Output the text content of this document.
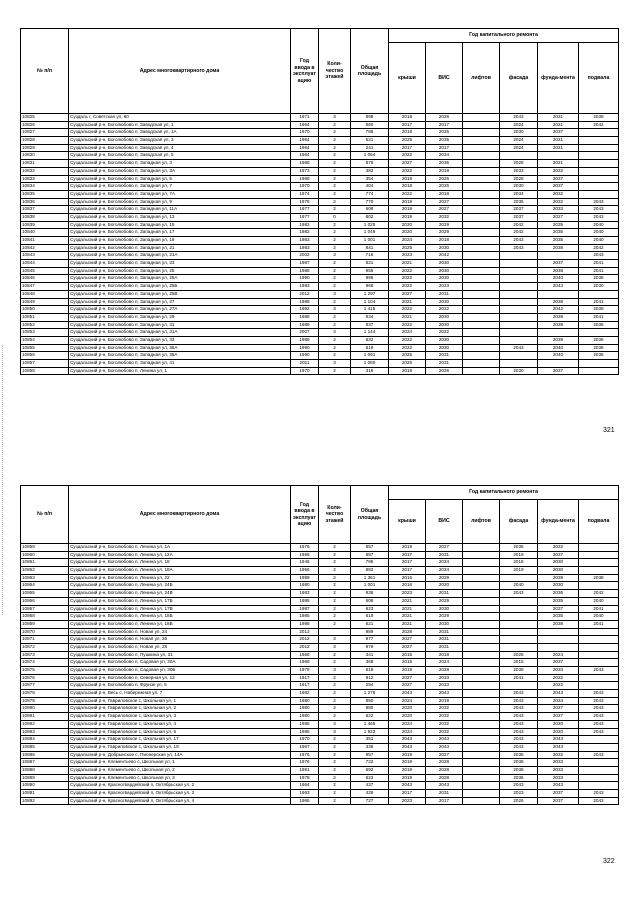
№ п/п	Адрес многоквартирного дома	Год ввода в эксплуат ацию	Коли-чество этажей	Общая площадь	Год капитального ремонта					
					крыши	ВИС	лифтов	фасада	фунда-мента	подвала
10825	Суздаль г, Советская ул, 60	1971	3	898	2018	2026		2043	2031	2039
10826	Суздальский р-н, Боголюбово п, Заводская ул, 1	1964	2	660	2017	2017		2024	2021	2042
10827	Суздальский р-н, Боголюбово п, Заводская ул, 1А	1970	2	788	2018	2025		2030	2037	
10828	Суздальский р-н, Боголюбово п, Заводская ул, 3	1964	2	521	2025	2035		2024	2021	
10829	Суздальский р-н, Боголюбово п, Заводская ул, 4	1964	2	241	2017	2017		2024	2021	
10830	Суздальский р-н, Боголюбово п, Заводская ул, 5	1964	2	1 064	2022	2034				
10831	Суздальский р-н, Боголюбово п, Западная ул, 3	1968	2	876	2027	2035		2028	2021	
10832	Суздальский р-н, Боголюбово п, Западная ул, 3А	1973	2	382	2022	2018		2033	2032	
10833	Суздальский р-н, Боголюбово п, Западная ул, 5	1968	2	354	2018	2025		2028	2037	
10834	Суздальский р-н, Боголюбово п, Западная ул, 7	1970	2	404	2018	2025		2030	2037	
10835	Суздальский р-н, Боголюбово п, Западная ул, 7А	1974	2	774	2022	2018		2034	2032	
10836	Суздальский р-н, Боголюбово п, Западная ул, 9	1975	2	770	2019	2027		2035	2032	2043
10837	Суздальский р-н, Боголюбово п, Западная ул, 11А	1977	2	609	2019	2027		2037	2033	2043
10838	Суздальский р-н, Боголюбово п, Западная ул, 13	1977	0	802	2019	2032		2037	2027	2043
10839	Суздальский р-н, Боголюбово п, Западная ул, 15	1982	2	1 025	2020	2029		2042	2035	2040
10840	Суздальский р-н, Боголюбово п, Западная ул, 17	1982	2	1 049	2020	2029		2042	2035	2040
10841	Суздальский р-н, Боголюбово п, Западная ул, 19	1983	2	1 001	2024	2018		2043	2035	2040
10842	Суздальский р-н, Боголюбово п, Западная ул, 21	1983	2	841	2025	2030		2043	2038	2042
10843	Суздальский р-н, Боголюбово п, Западная ул, 21А	2002	3	716	2023	2042				2043
10844	Суздальский р-н, Боголюбово п, Западная ул, 23	1987	2	821	2021	2030			2037	2041
10845	Суздальский р-н, Боголюбово п, Западная ул, 25	1988	2	955	2022	2030			2038	2041
10846	Суздальский р-н, Боголюбово п, Западная ул, 25А	1990	2	995	2022	2030			2040	2036
10847	Суздальский р-н, Боголюбово п, Западная ул, 25Б	1993	2	966	2022	2023			2043	2030
10848	Суздальский р-н, Боголюбово п, Западная ул, 25В	2012	3	1 297	2027	2031				
10849	Суздальский р-н, Боголюбово п, Западная ул, 27	1988	2	1 104	2021	2030			2038	2041
10850	Суздальский р-н, Боголюбово п, Западная ул, 27А	1992	3	1 415	2022	2022			2042	2039
10851	Суздальский р-н, Боголюбово п, Западная ул, 29	1988	2	934	2021	2030			2038	2041
10852	Суздальский р-н, Боголюбово п, Западная ул, 31	1989	2	837	2022	2030			2039	2036
10853	Суздальский р-н, Боголюбово п, Западная ул, 31А	2007	3	1 144	2024	2022				
10854	Суздальский р-н, Боголюбово п, Западная ул, 33	1989	2	632	2022	2030			2039	2036
10855	Суздальский р-н, Боголюбово п, Западная ул, 35А	1990	2	618	2022	2030		2043	2040	2036
10856	Суздальский р-н, Боголюбово п, Западная ул, 35А	1990	2	1 091	2025	2031			2040	2036
10857	Суздальский р-н, Боголюбово п, Западная ул, 41	2011	3	1 080	2026	2031				
10858	Суздальский р-н, Боголюбово п, Ленина ул, 1	1970	2	318	2018	2026		2030	2037	
321
№ п/п	Адрес многоквартирного дома	Год ввода в эксплуат ацию	Коли-чество этажей	Общая площадь	Год капитального ремонта					
					крыши	ВИС	лифтов	фасада	фунда-мента	подвала
10859	Суздальский р-н, Боголюбово п, Ленина ул, 1А	1976	2	857	2019	2027		2036	2032	
10860	Суздальский р-н, Боголюбово п, Ленина ул, 12А	1958	2	887	2017	2031		2019	2037	
10861	Суздальский р-н, Боголюбово п, Ленина ул, 18	1946	2	795	2017	2034		2018	2030	
10862	Суздальский р-н, Боголюбово п, Ленина ул, 18А	1956	2	882	2017	2034		2019	2030	
10863	Суздальский р-н, Боголюбово п, Ленина ул, 22	1989	2	1 361	2016	2029			2039	2038
10864	Суздальский р-н, Боголюбово п, Ленина ул, 24Б	1980	2	1 001	2016	2020		2040	2030	
10865	Суздальский р-н, Боголюбово п, Ленина ул, 24В	1983	2	936	2023	2031		2043	2036	2042
10866	Суздальский р-н, Боголюбово п, Ленина ул, 17Б	1985	2	608	2021	2029			2035	2040
10867	Суздальский р-н, Боголюбово п, Ленина ул, 17В	1987	2	623	2021	2030			2037	2041
10868	Суздальский р-н, Боголюбово п, Ленина ул, 18Б	1985	2	619	2021	2029			2035	2040
10869	Суздальский р-н, Боголюбово п, Ленина ул, 18В	1988	2	621	2021	2030			2038	2041
10870	Суздальский р-н, Боголюбово п, Новая ул, 24	2013		989	2028	2031				
10871	Суздальский р-н, Боголюбово п, Новая ул, 26	2012	3	977	2027	2031				
10872	Суздальский р-н, Боголюбово п, Новая ул, 28	2012	3	979	2027	2031				
10873	Суздальский р-н, Боголюбово п, Пушкина ул, 31	1966	2	341	2015	2018		2026	2024	
10874	Суздальский р-н, Боголюбово п, Садовая ул, 30А	1968	2	368	2015	2024		2015	2037	
10875	Суздальский р-н, Боголюбово п, Садовая ул, 30Б	1979	3	619	2019	2028		2039	2033	2043
10876	Суздальский р-н, Боголюбово п, Северная ул, 12	1917	2	912	2027	2033		2041	2022	
10877	Суздальский р-н, Боголюбово п, Фрунзе ул, 5	1917	2	294	2027	2033			2022	
10878	Суздальский р-н, Весь с, Набережная ул, 7	1982	2	1 276	2043	2043		2043	2043	2043
10879	Суздальский р-н, Гавриловское с, Школьная ул, 1	1980	2	850	2024	2019		2043	2034	2043
10880	Суздальский р-н, Гавриловское с, Школьная ул, 2	1980	2	980	2020	2032		2043	2027	2043
10881	Суздальский р-н, Гавриловское с, Школьная ул, 3	1980	2	622	2020	2032		2043	2027	2043
10882	Суздальский р-н, Гавриловское с, Школьная ул, 4	1985	3	1 465	2024	2032		2043	2020	2043
10883	Суздальский р-н, Гавриловское с, Школьная ул, 5	1985	3	1 923	2024	2032		2043	2020	2043
10884	Суздальский р-н, Гавриловское с, Школьная ул, 17	1970	2	351	2043	2043		2043	2043	
10885	Суздальский р-н, Гавриловское с, Школьная ул, 19	1967	2	338	2043	2043		2043	2043	
10886	Суздальский р-н, Добрынское с, Пионерская ул, 14А	1976	2	957	2019	2027		2036	2032	2043
10887	Суздальский р-н, Клементьево с, Школьная ул, 1	1976	2	722	2019	2028		2036	2033	
10888	Суздальский р-н, Клементьево с, Школьная ул, 2	1981	2	692	2019	2028		2036	2033	
10889	Суздальский р-н, Клементьево с, Школьная ул, 3	1978	2	623	2019	2028		2036	2033	
10890	Суздальский р-н, Красногвардейский п, Октябрьская ул, 2	1964	2	437	2043	2043		2043	2043	
10891	Суздальский р-н, Красногвардейский п, Октябрьская ул, 3	1963	2	429	2017	2031		2023	2037	2043
10892	Суздальский р-н, Красногвардейский п, Октябрьская ул, 4	1966	2	727	2023	2017		2026	2037	2043
322
